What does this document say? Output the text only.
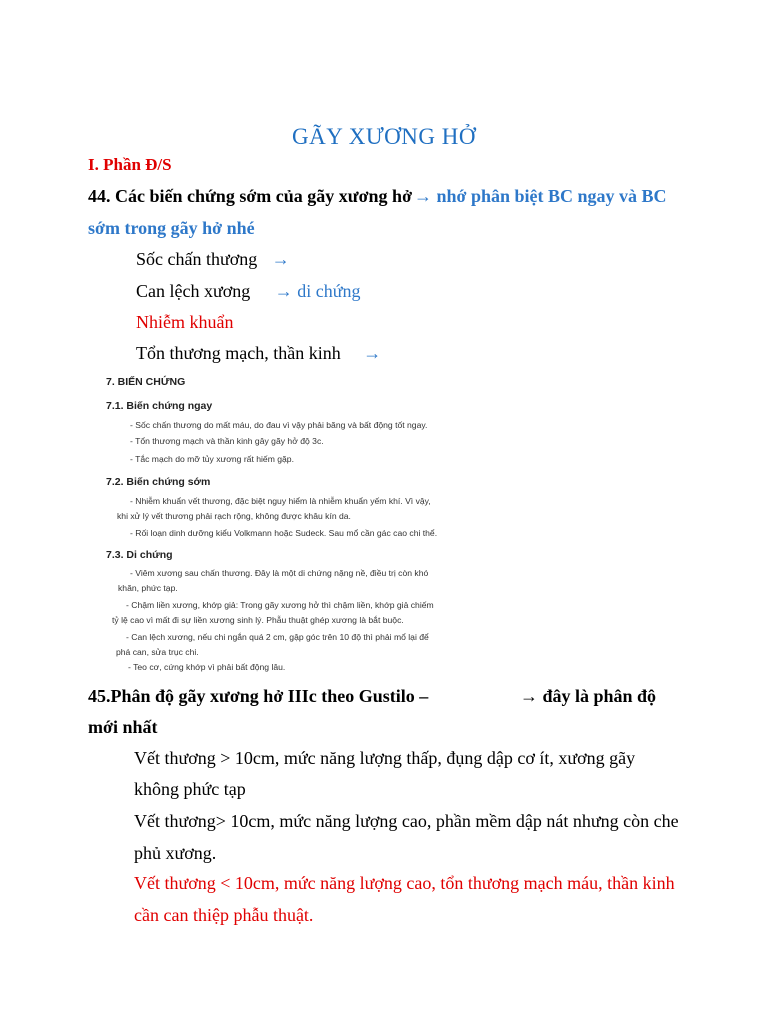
GÃY XƯƠNG HỞ
I. Phần Đ/S
44. Các biến chứng sớm của gãy xương hở → nhớ phân biệt BC ngay và BC
sớm trong gãy hở nhé
Sốc chấn thương →
Can lệch xương → di chứng
Nhiễm khuẩn
Tổn thương mạch, thần kinh →
7. BIẾN CHỨNG
7.1. Biến chứng ngay
- Sốc chấn thương do mất máu, do đau vì vậy phải băng và bất động tốt ngay.
- Tổn thương mạch và thần kinh gây gãy hở độ 3c.
- Tắc mạch do mỡ tủy xương rất hiếm gặp.
7.2. Biến chứng sớm
- Nhiễm khuẩn vết thương, đặc biệt nguy hiểm là nhiễm khuẩn yếm khí. Vì vậy,
khi xử lý vết thương phải rạch rộng, không được khâu kín da.
- Rối loạn dinh dưỡng kiểu Volkmann hoặc Sudeck. Sau mổ cần gác cao chi thể.
7.3. Di chứng
- Viêm xương sau chấn thương. Đây là một di chứng nặng nề, điều trị còn khó
khăn, phức tạp.
- Chậm liền xương, khớp giả: Trong gãy xương hở thì chậm liền, khớp giả chiếm
tỷ lệ cao vì mất đi sự liền xương sinh lý. Phẫu thuật ghép xương là bắt buộc.
- Can lệch xương, nếu chi ngắn quá 2 cm, gập góc trên 10 độ thì phải mổ lại để
phá can, sửa trục chi.
- Teo cơ, cứng khớp vì phải bất động lâu.
45.Phân độ gãy xương hở IIIc theo Gustilo –	→ đây là phân độ
mới nhất
Vết thương > 10cm, mức năng lượng thấp, đụng dập cơ ít, xương gãy
không phức tạp
Vết thương> 10cm, mức năng lượng cao, phần mềm dập nát nhưng còn che
phủ xương.
Vết thương < 10cm, mức năng lượng cao, tổn thương mạch máu, thần kinh
cần can thiệp phẫu thuật.
